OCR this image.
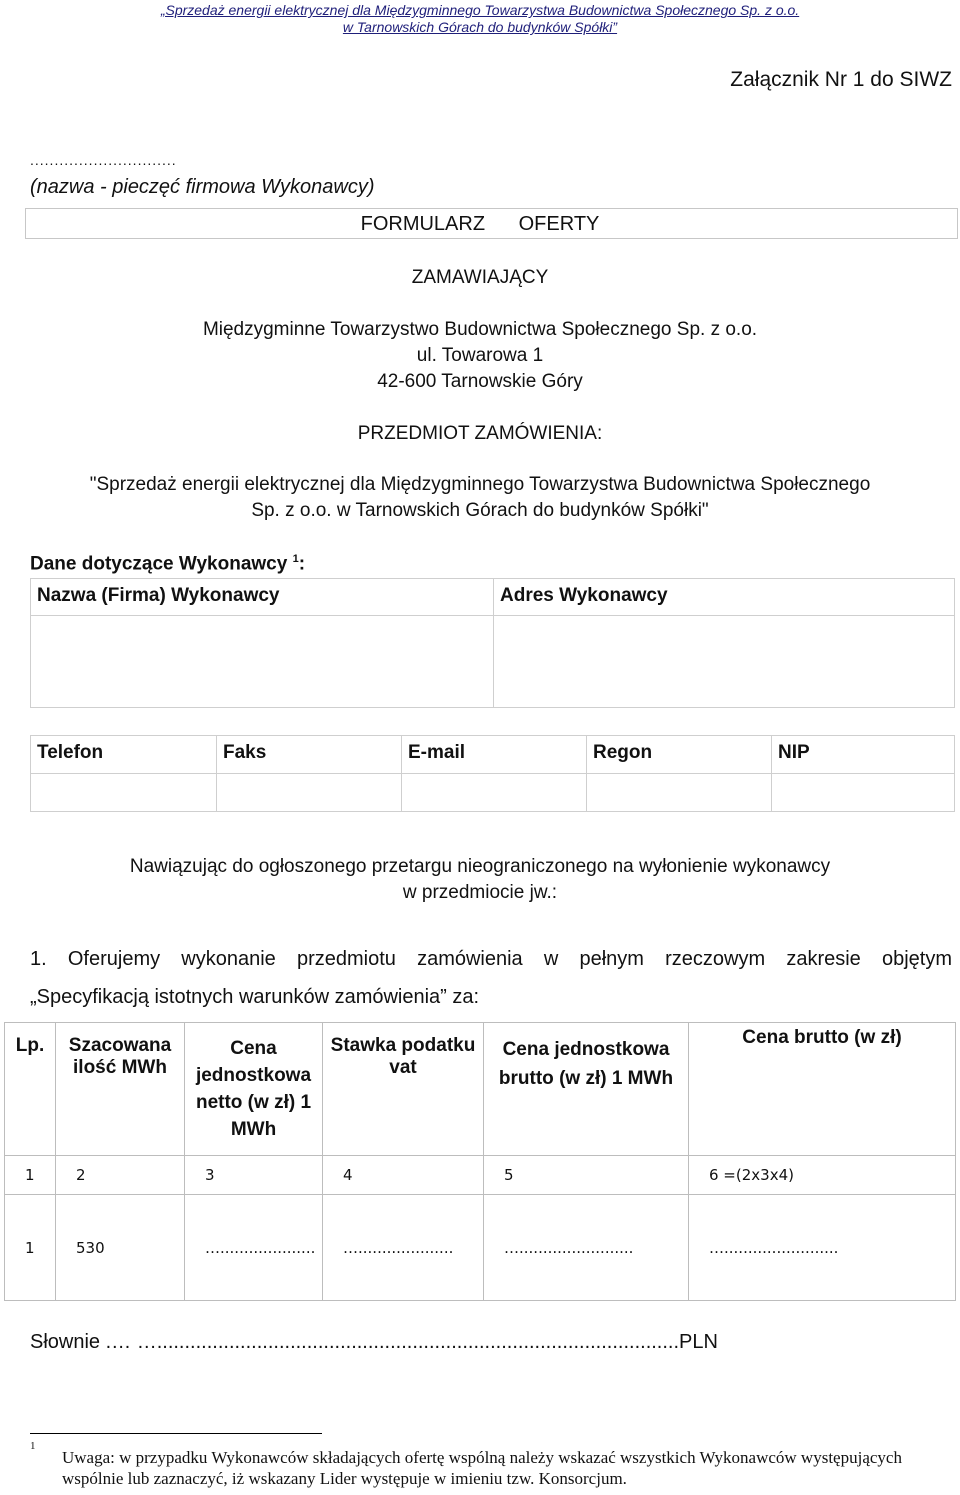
„Sprzedaż energii elektrycznej dla Międzygminnego Towarzystwa Budownictwa Społecznego Sp. z o.o.
w Tarnowskich Górach do budynków Spółki”
Załącznik Nr 1 do SIWZ
..............................
(nazwa - pieczęć firmowa Wykonawcy)
FORMULARZ OFERTY
ZAMAWIAJĄCY
Międzygminne Towarzystwo Budownictwa Społecznego Sp. z o.o.
ul. Towarowa 1
42-600 Tarnowskie Góry
PRZEDMIOT ZAMÓWIENIA:
"Sprzedaż energii elektrycznej dla Międzygminnego Towarzystwa Budownictwa Społecznego
Sp. z o.o. w Tarnowskich Górach do budynków Spółki"
Dane dotyczące Wykonawcy $^1$:
Nazwa (Firma) Wykonawcy	Adres Wykonawcy

Telefon	Faks	E-mail	Regon	NIP

Nawiązując do ogłoszonego przetargu nieograniczonego na wyłonienie wykonawcy
w przedmiocie jw.:
1. Oferujemy wykonanie przedmiotu zamówienia w pełnym rzeczowym zakresie objętym
„Specyfikacją istotnych warunków zamówienia” za:
Lp.	Szacowana ilość MWh	Cena jednostkowa netto (w zł) 1 MWh	Stawka podatku vat	Cena jednostkowa brutto (w zł) 1 MWh	Cena brutto (w zł)
1	2	3	4	5	6 =(2x3x4)
1	530	…....................	…....................	…........................	…........................
Słownie .… …..............................................................................................PLN
1
Uwaga: w przypadku Wykonawców składających ofertę wspólną należy wskazać wszystkich Wykonawców występujących wspólnie lub zaznaczyć, iż wskazany Lider występuje w imieniu tzw. Konsorcjum.
